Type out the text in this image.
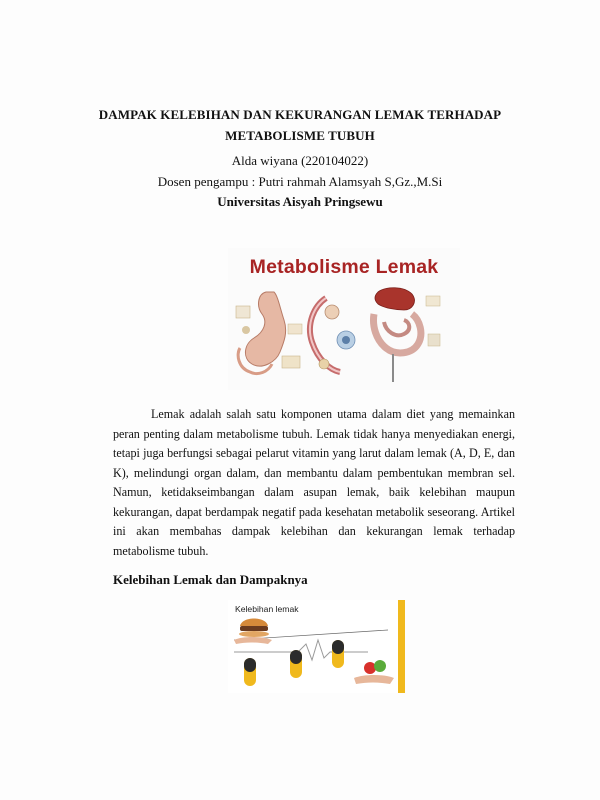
DAMPAK KELEBIHAN DAN KEKURANGAN LEMAK TERHADAP
METABOLISME TUBUH
Alda wiyana (220104022)
Dosen pengampu : Putri rahmah Alamsyah S,Gz.,M.Si
Universitas Aisyah Pringsewu
Metabolisme Lemak

Lemak adalah salah satu komponen utama dalam diet yang memainkan peran penting dalam metabolisme tubuh. Lemak tidak hanya menyediakan energi, tetapi juga berfungsi sebagai pelarut vitamin yang larut dalam lemak (A, D, E, dan K), melindungi organ dalam, dan membantu dalam pembentukan membran sel. Namun, ketidakseimbangan dalam asupan lemak, baik kelebihan maupun kekurangan, dapat berdampak negatif pada kesehatan metabolik seseorang. Artikel ini akan membahas dampak kelebihan dan kekurangan lemak terhadap metabolisme tubuh.

Kelebihan Lemak dan Dampaknya
Kelebihan lemak
